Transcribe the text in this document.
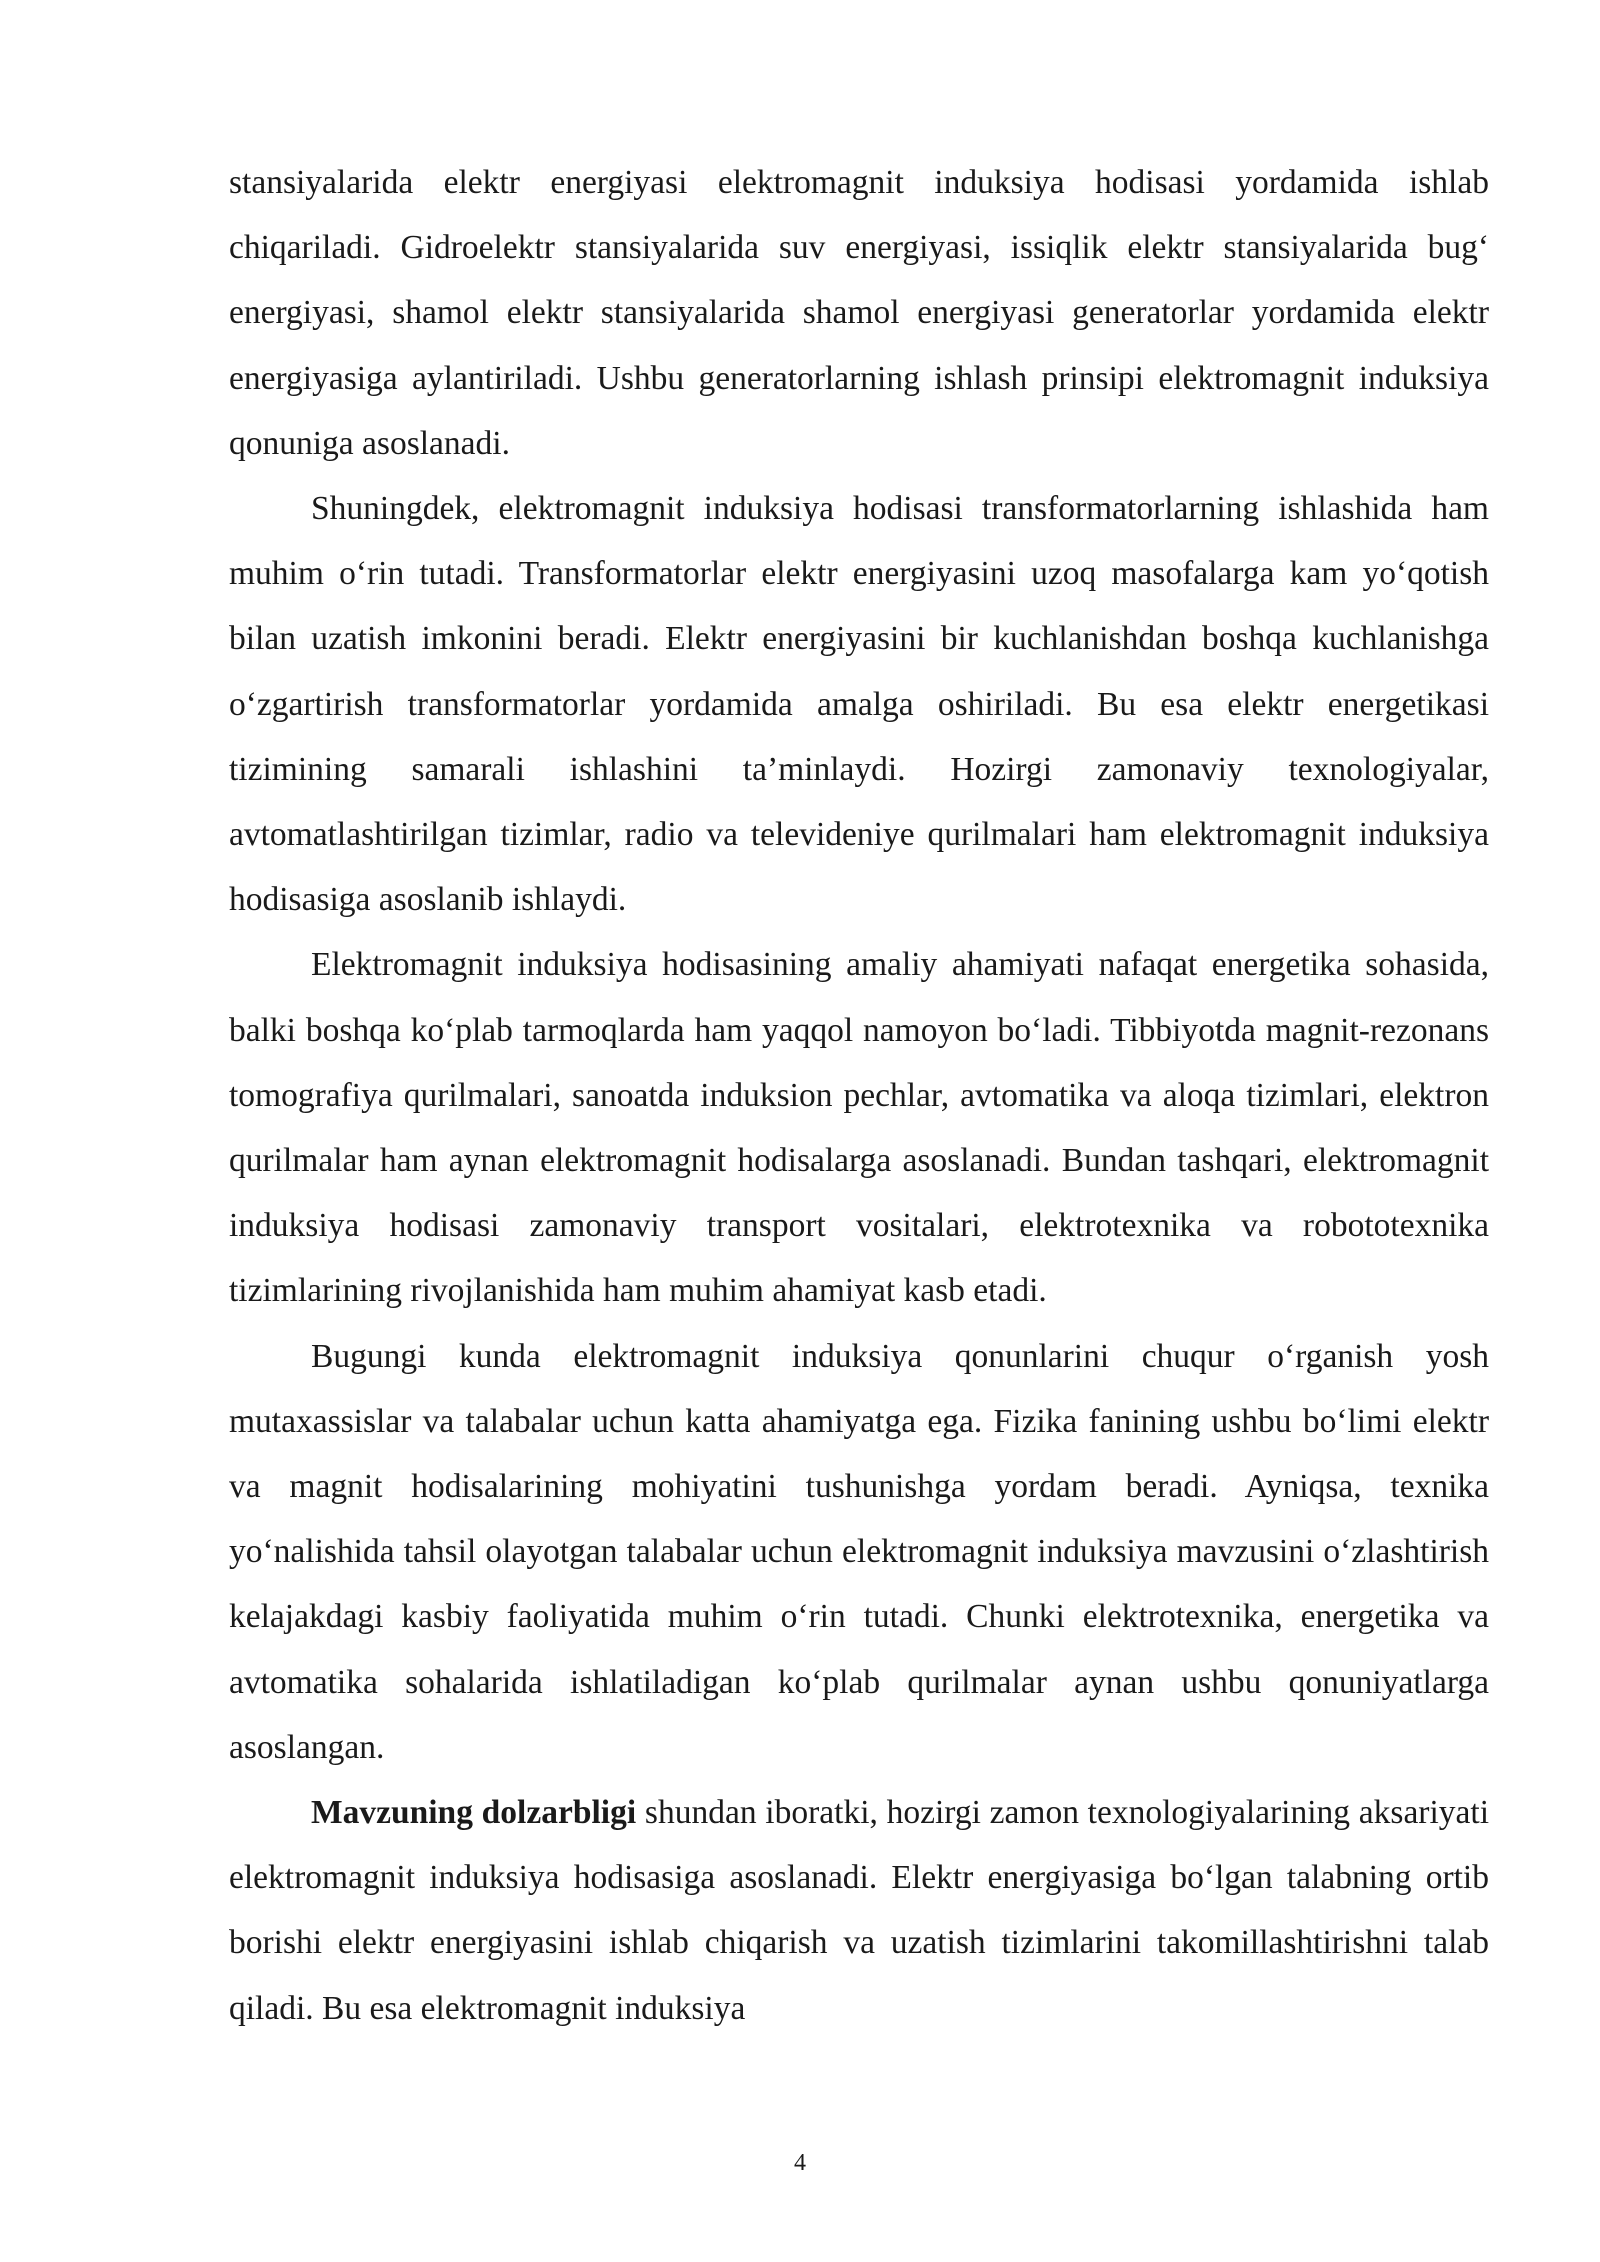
stansiyalarida elektr energiyasi elektromagnit induksiya hodisasi yordamida ishlab chiqariladi. Gidroelektr stansiyalarida suv energiyasi, issiqlik elektr stansiyalarida bug‘ energiyasi, shamol elektr stansiyalarida shamol energiyasi generatorlar yordamida elektr energiyasiga aylantiriladi. Ushbu generatorlarning ishlash prinsipi elektromagnit induksiya qonuniga asoslanadi.

Shuningdek, elektromagnit induksiya hodisasi transformatorlarning ishlashida ham muhim o‘rin tutadi. Transformatorlar elektr energiyasini uzoq masofalarga kam yo‘qotish bilan uzatish imkonini beradi. Elektr energiyasini bir kuchlanishdan boshqa kuchlanishga o‘zgartirish transformatorlar yordamida amalga oshiriladi. Bu esa elektr energetikasi tizimining samarali ishlashini ta’minlaydi. Hozirgi zamonaviy texnologiyalar, avtomatlashtirilgan tizimlar, radio va televideniye qurilmalari ham elektromagnit induksiya hodisasiga asoslanib ishlaydi.

Elektromagnit induksiya hodisasining amaliy ahamiyati nafaqat energetika sohasida, balki boshqa ko‘plab tarmoqlarda ham yaqqol namoyon bo‘ladi. Tibbiyotda magnit-rezonans tomografiya qurilmalari, sanoatda induksion pechlar, avtomatika va aloqa tizimlari, elektron qurilmalar ham aynan elektromagnit hodisalarga asoslanadi. Bundan tashqari, elektromagnit induksiya hodisasi zamonaviy transport vositalari, elektrotexnika va robototexnika tizimlarining rivojlanishida ham muhim ahamiyat kasb etadi.

Bugungi kunda elektromagnit induksiya qonunlarini chuqur o‘rganish yosh mutaxassislar va talabalar uchun katta ahamiyatga ega. Fizika fanining ushbu bo‘limi elektr va magnit hodisalarining mohiyatini tushunishga yordam beradi. Ayniqsa, texnika yo‘nalishida tahsil olayotgan talabalar uchun elektromagnit induksiya mavzusini o‘zlashtirish kelajakdagi kasbiy faoliyatida muhim o‘rin tutadi. Chunki elektrotexnika, energetika va avtomatika sohalarida ishlatiladigan ko‘plab qurilmalar aynan ushbu qonuniyatlarga asoslangan.

Mavzuning dolzarbligi shundan iboratki, hozirgi zamon texnologiyalarining aksariyati elektromagnit induksiya hodisasiga asoslanadi. Elektr energiyasiga bo‘lgan talabning ortib borishi elektr energiyasini ishlab chiqarish va uzatish tizimlarini takomillashtirishni talab qiladi. Bu esa elektromagnit induksiya

4
